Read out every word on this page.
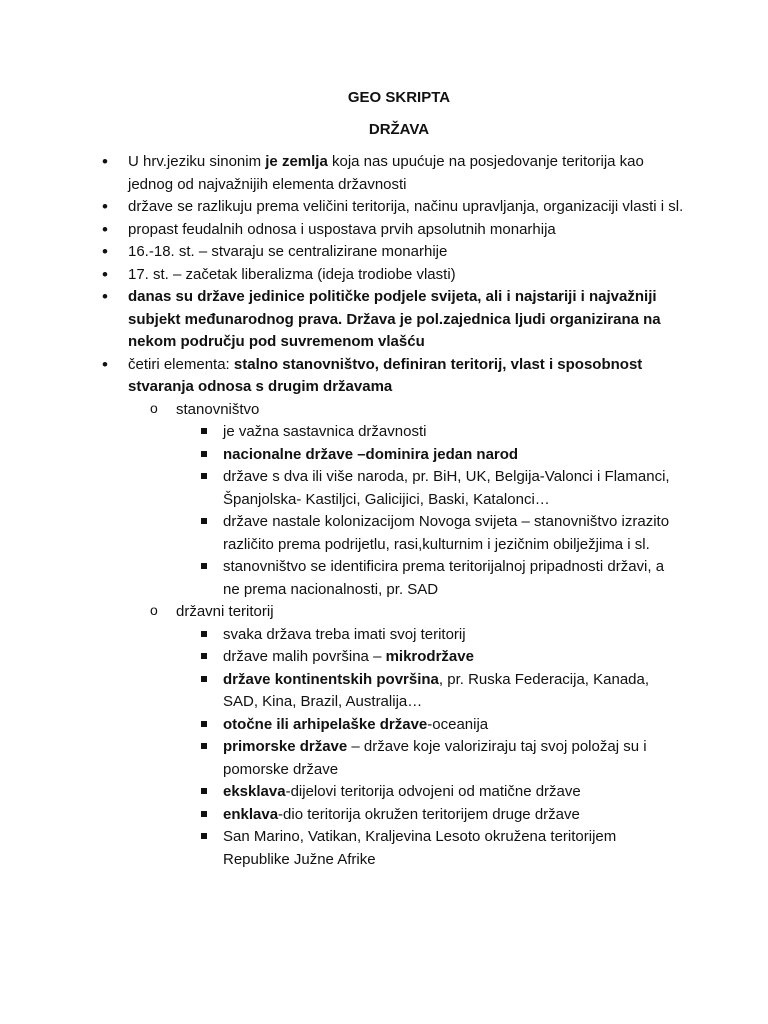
GEO SKRIPTA
DRŽAVA
• U hrv.jeziku sinonim je zemlja koja nas upućuje na posjedovanje teritorija kao jednog od najvažnijih elementa državnosti
• države se razlikuju prema veličini teritorija, načinu upravljanja, organizaciji vlasti i sl.
• propast feudalnih odnosa i uspostava prvih apsolutnih monarhija
• 16.-18. st. – stvaraju se centralizirane monarhije
• 17. st. – začetak liberalizma (ideja trodiobe vlasti)
• danas su države jedinice političke podjele svijeta, ali i najstariji i najvažniji subjekt međunarodnog prava. Država je pol.zajednica ljudi organizirana na nekom području pod suvremenom vlašću
• četiri elementa: stalno stanovništvo, definiran teritorij, vlast i sposobnost stvaranja odnosa s drugim državama
o stanovništvo
je važna sastavnica državnosti
nacionalne države –dominira jedan narod
države s dva ili više naroda, pr. BiH, UK, Belgija-Valonci i Flamanci, Španjolska- Kastiljci, Galicijici, Baski, Katalonci…
države nastale kolonizacijom Novoga svijeta – stanovništvo izrazito različito prema podrijetlu, rasi,kulturnim i jezičnim obilježjima i sl.
stanovništvo se identificira prema teritorijalnoj pripadnosti državi, a ne prema nacionalnosti, pr. SAD
o državni teritorij
svaka država treba imati svoj teritorij
države malih površina – mikrodržave
države kontinentskih površina, pr. Ruska Federacija, Kanada, SAD, Kina, Brazil, Australija…
otočne ili arhipelaške države-oceanija
primorske države – države koje valoriziraju taj svoj položaj su i pomorske države
eksklava-dijelovi teritorija odvojeni od matične države
enklava-dio teritorija okružen teritorijem druge države
San Marino, Vatikan, Kraljevina Lesoto okružena teritorijem Republike Južne Afrike
